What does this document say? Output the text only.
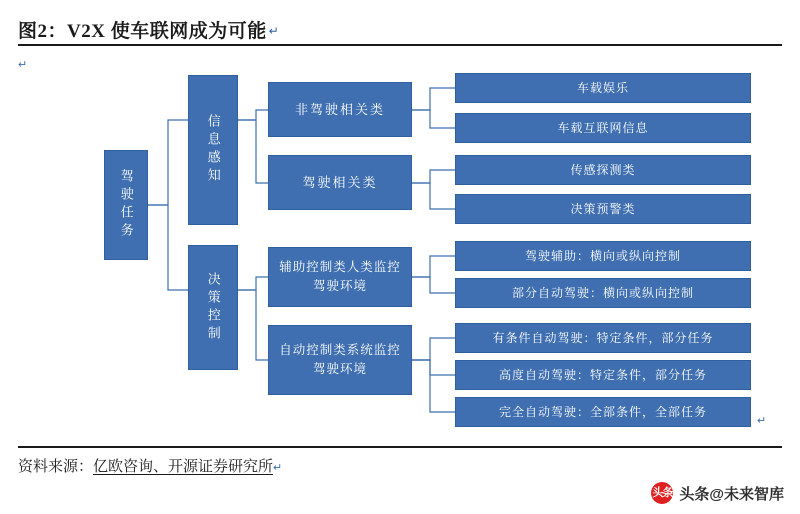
图2：V2X 使车联网成为可能 ↵
↵
驾驶任务
信息感知
决策控制
非驾驶相关类
驾驶相关类
辅助控制类人类监控驾驶环境
自动控制类系统监控驾驶环境
车载娱乐
车载互联网信息
传感探测类
决策预警类
驾驶辅助：横向或纵向控制
部分自动驾驶：横向或纵向控制
有条件自动驾驶：特定条件，部分任务
高度自动驾驶：特定条件，部分任务
完全自动驾驶：全部条件，全部任务
↵
资料来源：亿欧咨询、开源证券研究所↵
头条 头条@未来智库
